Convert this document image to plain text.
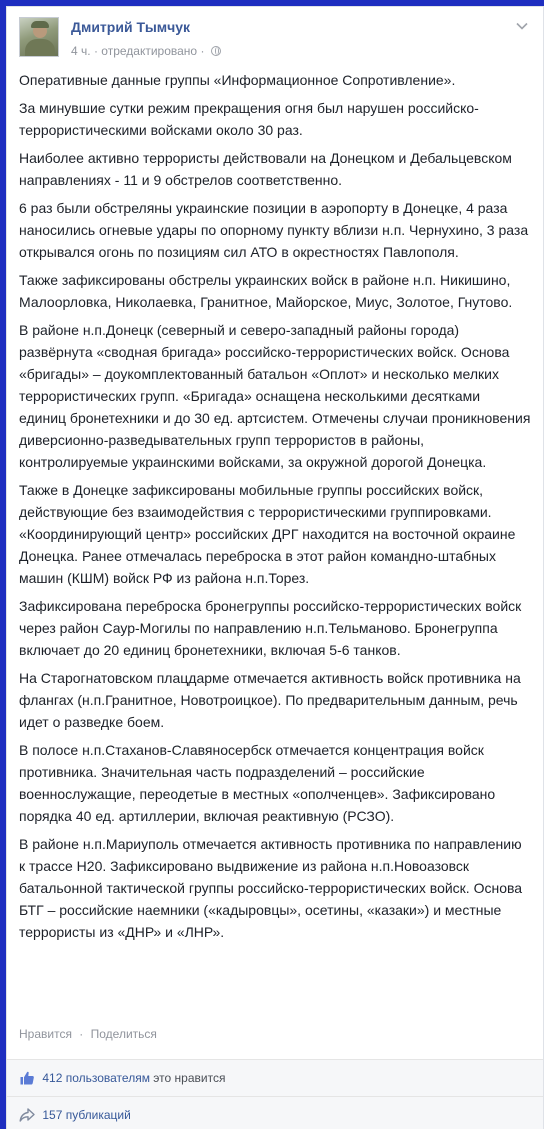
Дмитрий Тымчук
4 ч. · отредактировано ·

Оперативные данные группы «Информационное Сопротивление».

За минувшие сутки режим прекращения огня был нарушен российско-террористическими войсками около 30 раз.

Наиболее активно террористы действовали на Донецком и Дебальцевском направлениях - 11 и 9 обстрелов соответственно.

6 раз были обстреляны украинские позиции в аэропорту в Донецке, 4 раза наносились огневые удары по опорному пункту вблизи н.п. Чернухино, 3 раза открывался огонь по позициям сил АТО в окрестностях Павлополя.

Также зафиксированы обстрелы украинских войск в районе н.п. Никишино, Малоорловка, Николаевка, Гранитное, Майорское, Миус, Золотое, Гнутово.

В районе н.п.Донецк (северный и северо-западный районы города) развёрнута «сводная бригада» российско-террористических войск. Основа «бригады» – доукомплектованный батальон «Оплот» и несколько мелких террористических групп. «Бригада» оснащена несколькими десятками единиц бронетехники и до 30 ед. артсистем. Отмечены случаи проникновения диверсионно-разведывательных групп террористов в районы, контролируемые украинскими войсками, за окружной дорогой Донецка.

Также в Донецке зафиксированы мобильные группы российских войск, действующие без взаимодействия с террористическими группировками. «Координирующий центр» российских ДРГ находится на восточной окраине Донецка. Ранее отмечалась переброска в этот район командно-штабных машин (КШМ) войск РФ из района н.п.Торез.

Зафиксирована переброска бронегруппы российско-террористических войск через район Саур-Могилы по направлению н.п.Тельманово. Бронегруппа включает до 20 единиц бронетехники, включая 5-6 танков.

На Старогнатовском плацдарме отмечается активность войск противника на флангах (н.п.Гранитное, Новотроицкое). По предварительным данным, речь идет о разведке боем.

В полосе н.п.Стаханов-Славяносербск отмечается концентрация войск противника. Значительная часть подразделений – российские военнослужащие, переодетые в местных «ополченцев». Зафиксировано порядка 40 ед. артиллерии, включая реактивную (РСЗО).

В районе н.п.Мариуполь отмечается активность противника по направлению к трассе Н20. Зафиксировано выдвижение из района н.п.Новоазовск батальонной тактической группы российско-террористических войск. Основа БТГ – российские наемники («кадыровцы», осетины, «казаки») и местные террористы из «ДНР» и «ЛНР».

Нравится · Поделиться
412 пользователям это нравится
157 публикаций
